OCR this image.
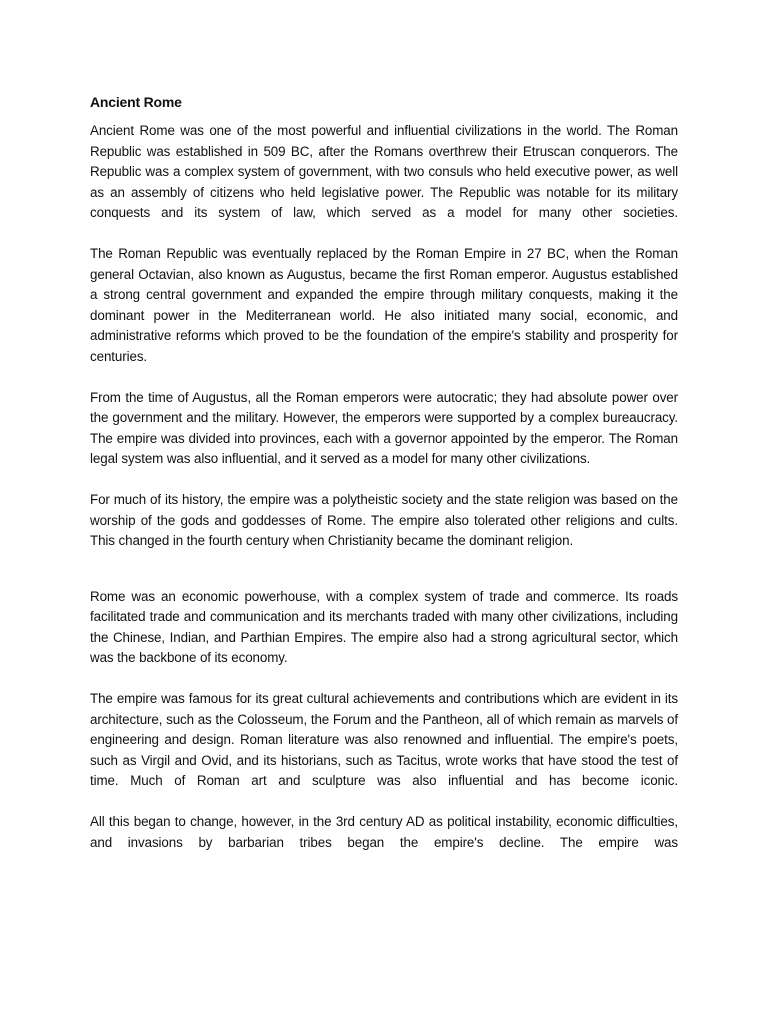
Ancient Rome

Ancient Rome was one of the most powerful and influential civilizations in the world. The Roman Republic was established in 509 BC, after the Romans overthrew their Etruscan conquerors. The Republic was a complex system of government, with two consuls who held executive power, as well as an assembly of citizens who held legislative power. The Republic was notable for its military conquests and its system of law, which served as a model for many other societies.

The Roman Republic was eventually replaced by the Roman Empire in 27 BC, when the Roman general Octavian, also known as Augustus, became the first Roman emperor. Augustus established a strong central government and expanded the empire through military conquests, making it the dominant power in the Mediterranean world. He also initiated many social, economic, and administrative reforms which proved to be the foundation of the empire's stability and prosperity for centuries.

From the time of Augustus, all the Roman emperors were autocratic; they had absolute power over the government and the military. However, the emperors were supported by a complex bureaucracy. The empire was divided into provinces, each with a governor appointed by the emperor. The Roman legal system was also influential, and it served as a model for many other civilizations.

For much of its history, the empire was a polytheistic society and the state religion was based on the worship of the gods and goddesses of Rome. The empire also tolerated other religions and cults. This changed in the fourth century when Christianity became the dominant religion.

Rome was an economic powerhouse, with a complex system of trade and commerce. Its roads facilitated trade and communication and its merchants traded with many other civilizations, including the Chinese, Indian, and Parthian Empires. The empire also had a strong agricultural sector, which was the backbone of its economy.

The empire was famous for its great cultural achievements and contributions which are evident in its architecture, such as the Colosseum, the Forum and the Pantheon, all of which remain as marvels of engineering and design. Roman literature was also renowned and influential. The empire's poets, such as Virgil and Ovid, and its historians, such as Tacitus, wrote works that have stood the test of time. Much of Roman art and sculpture was also influential and has become iconic.

All this began to change, however, in the 3rd century AD as political instability, economic difficulties, and invasions by barbarian tribes began the empire's decline. The empire was
